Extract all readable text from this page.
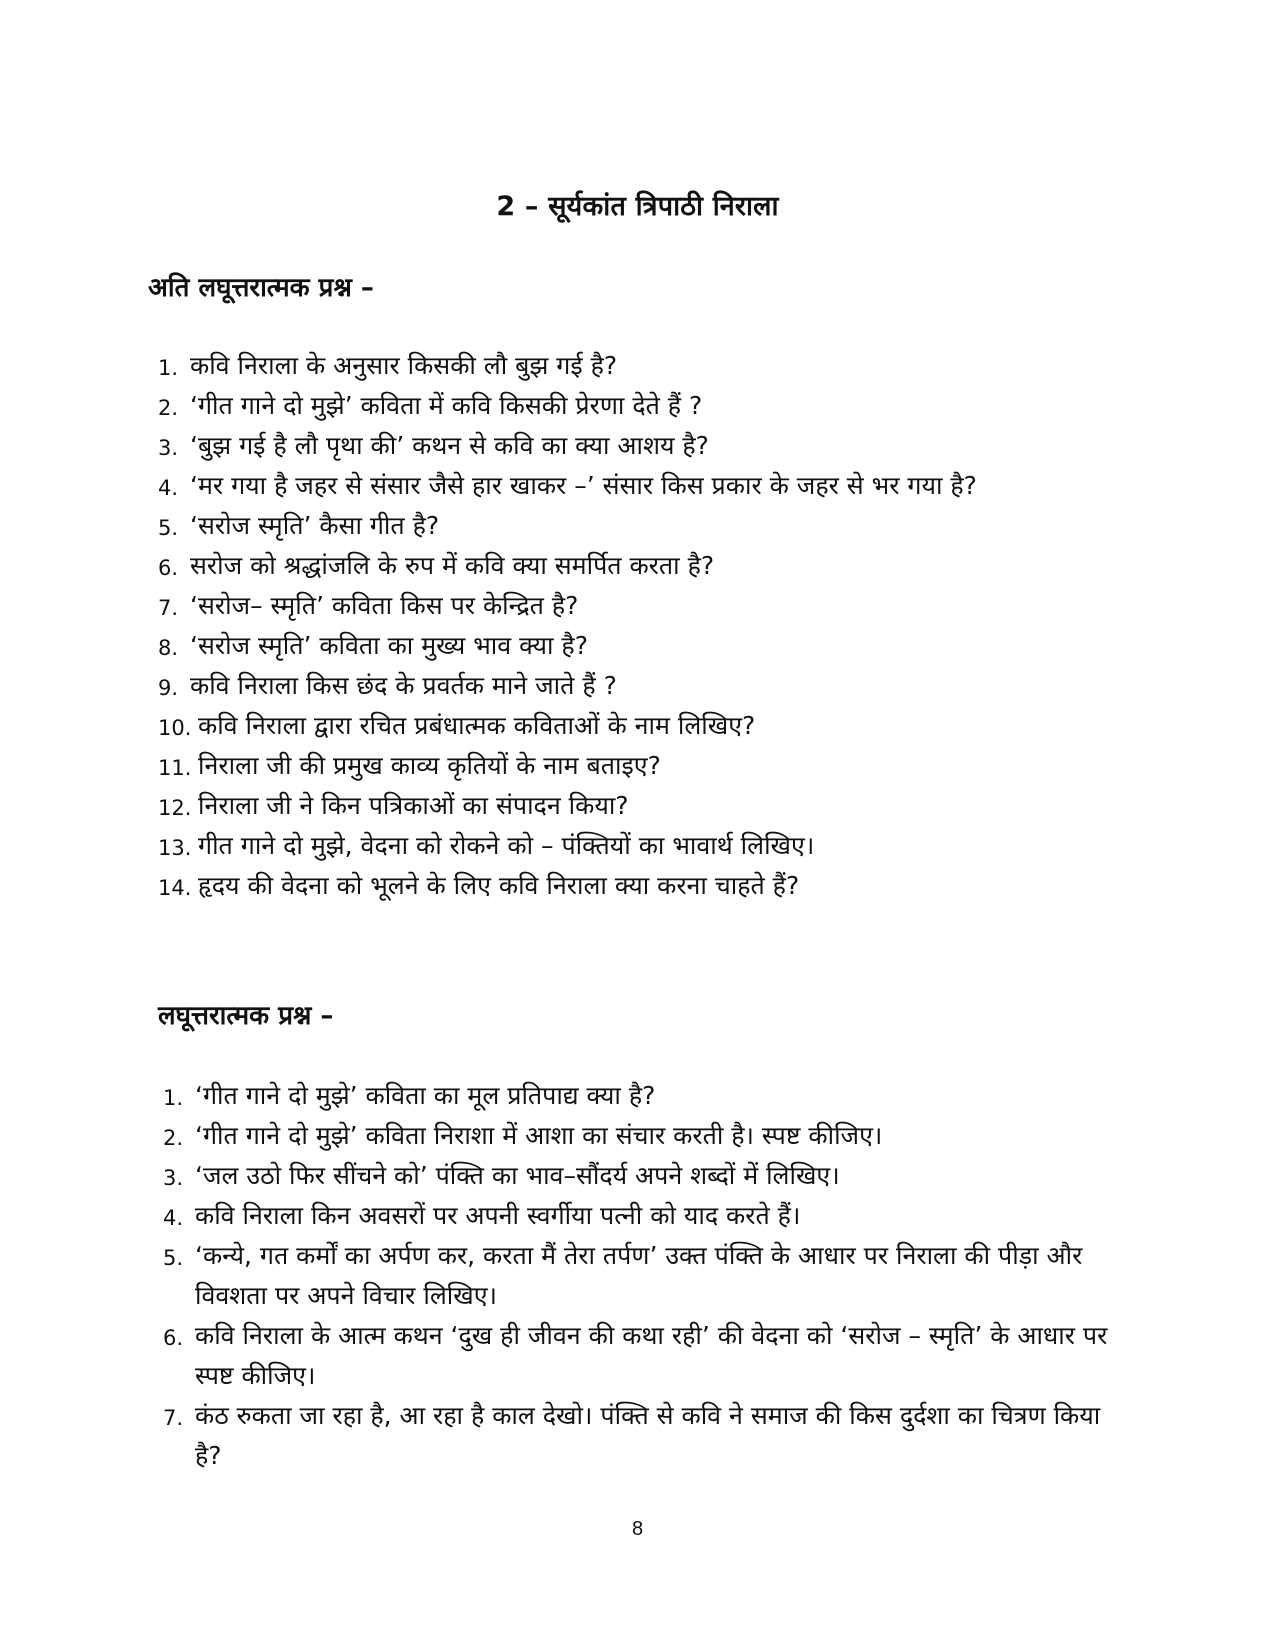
2 – सूर्यकांत त्रिपाठी निराला
अति लघूत्तरात्मक प्रश्न –
1. कवि निराला के अनुसार किसकी लौ बुझ गई है?
2. ‘गीत गाने दो मुझे’ कविता में कवि किसकी प्रेरणा देते हैं ?
3. ‘बुझ गई है लौ पृथा की’ कथन से कवि का क्या आशय है?
4. ‘मर गया है जहर से संसार जैसे हार खाकर –’ संसार किस प्रकार के जहर से भर गया है?
5. ‘सरोज स्मृति’ कैसा गीत है?
6. सरोज को श्रद्धांजलि के रुप में कवि क्या समर्पित करता है?
7. ‘सरोज– स्मृति’ कविता किस पर केन्द्रित है?
8. ‘सरोज स्मृति’ कविता का मुख्य भाव क्या है?
9. कवि निराला किस छंद के प्रवर्तक माने जाते हैं ?
10. कवि निराला द्वारा रचित प्रबंधात्मक कविताओं के नाम लिखिए?
11. निराला जी की प्रमुख काव्य कृतियों के नाम बताइए?
12. निराला जी ने किन पत्रिकाओं का संपादन किया?
13. गीत गाने दो मुझे, वेदना को रोकने को – पंक्तियों का भावार्थ लिखिए।
14. हृदय की वेदना को भूलने के लिए कवि निराला क्या करना चाहते हैं?
लघूत्तरात्मक प्रश्न –
1. ‘गीत गाने दो मुझे’ कविता का मूल प्रतिपाद्य क्या है?
2. ‘गीत गाने दो मुझे’ कविता निराशा में आशा का संचार करती है। स्पष्ट कीजिए।
3. ‘जल उठो फिर सींचने को’ पंक्ति का भाव–सौंदर्य अपने शब्दों में लिखिए।
4. कवि निराला किन अवसरों पर अपनी स्वर्गीया पत्नी को याद करते हैं।
5. ‘कन्ये, गत कर्मों का अर्पण कर, करता मैं तेरा तर्पण’ उक्त पंक्ति के आधार पर निराला की पीड़ा और विवशता पर अपने विचार लिखिए।
6. कवि निराला के आत्म कथन ‘दुख ही जीवन की कथा रही’ की वेदना को ‘सरोज – स्मृति’ के आधार पर स्पष्ट कीजिए।
7. कंठ रुकता जा रहा है, आ रहा है काल देखो। पंक्ति से कवि ने समाज की किस दुर्दशा का चित्रण किया है?
8
